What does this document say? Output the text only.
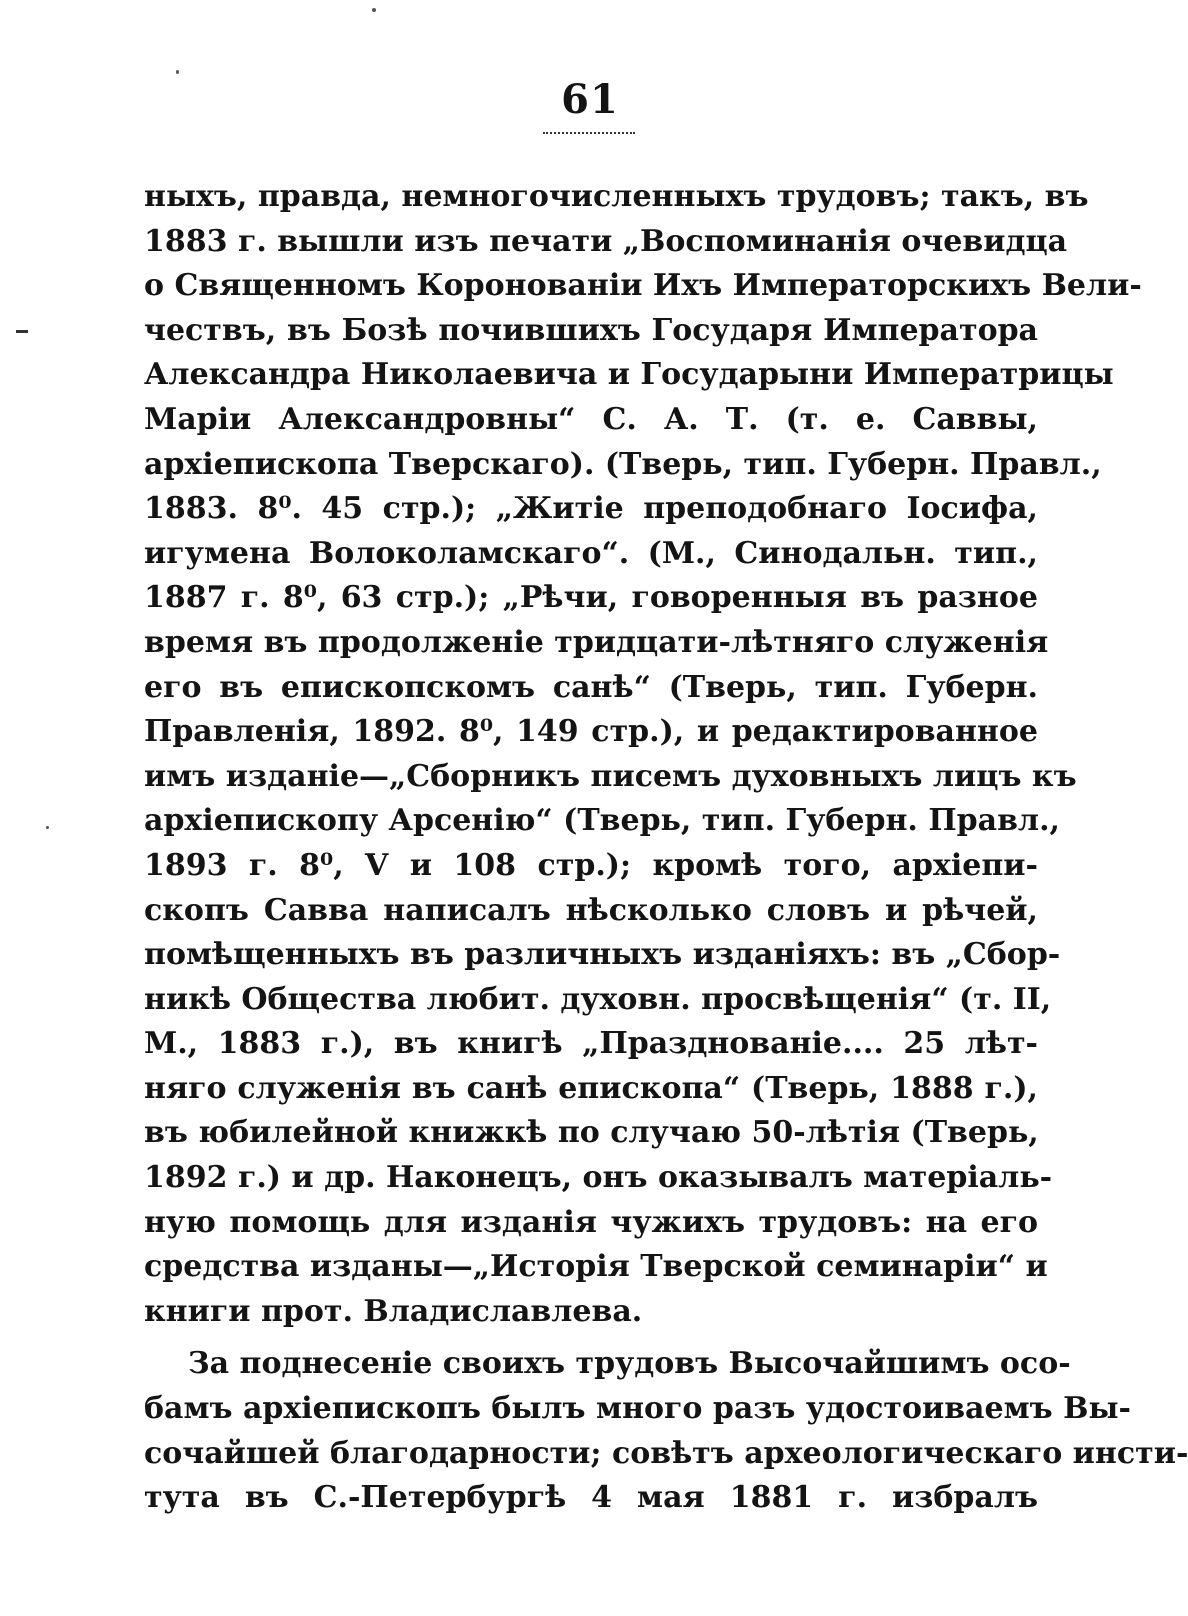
61
ныхъ, правда, немногочисленныхъ трудовъ; такъ, въ
1883 г. вышли изъ печати „Воспоминанія очевидца
о Священномъ Короновaніи Ихъ Императорскихъ Вели-
чествъ, въ Бозѣ почившихъ Государя Императора
Александра Николаевича и Государыни Императрицы
Маріи Александровны“ С. А. Т. (т. е. Саввы,
архіепископа Тверскаго). (Тверь, тип. Губерн. Правл.,
1883. 8⁰. 45 стр.); „Житіе преподобнаго Іосифа,
игумена Волоколамскаго“. (М., Синодальн. тип.,
1887 г. 8⁰, 63 стр.); „Рѣчи, говоренныя въ разное
время въ продолженіе тридцати-лѣтняго служенія
его въ епископскомъ санѣ“ (Тверь, тип. Губерн.
Правленія, 1892. 8⁰, 149 стр.), и редактированное
имъ изданіе—„Сборникъ писемъ духовныхъ лицъ къ
архіепископу Арсенію“ (Тверь, тип. Губерн. Правл.,
1893 г. 8⁰, V и 108 стр.); кромѣ того, архіепи-
скопъ Савва написалъ нѣсколько словъ и рѣчей,
помѣщенныхъ въ различныхъ изданіяхъ: въ „Сбор-
никѣ Общества любит. духовн. просвѣщенія“ (т. II,
М., 1883 г.), въ книгѣ „Празднованіе.... 25 лѣт-
няго служенія въ санѣ епископа“ (Тверь, 1888 г.),
въ юбилейной книжкѣ по случаю 50-лѣтія (Тверь,
1892 г.) и др. Наконецъ, онъ оказывалъ матеріаль-
ную помощь для изданія чужихъ трудовъ: на его
средства изданы—„Исторія Тверской семинаріи“ и
книги прот. Владиславлева.
За поднесеніе своихъ трудовъ Высочайшимъ осо-
бамъ архіепископъ былъ много разъ удостоиваемъ Вы-
сочайшей благодарности; совѣтъ археологическаго инсти-
тута въ С.-Петербургѣ 4 мая 1881 г. избралъ
